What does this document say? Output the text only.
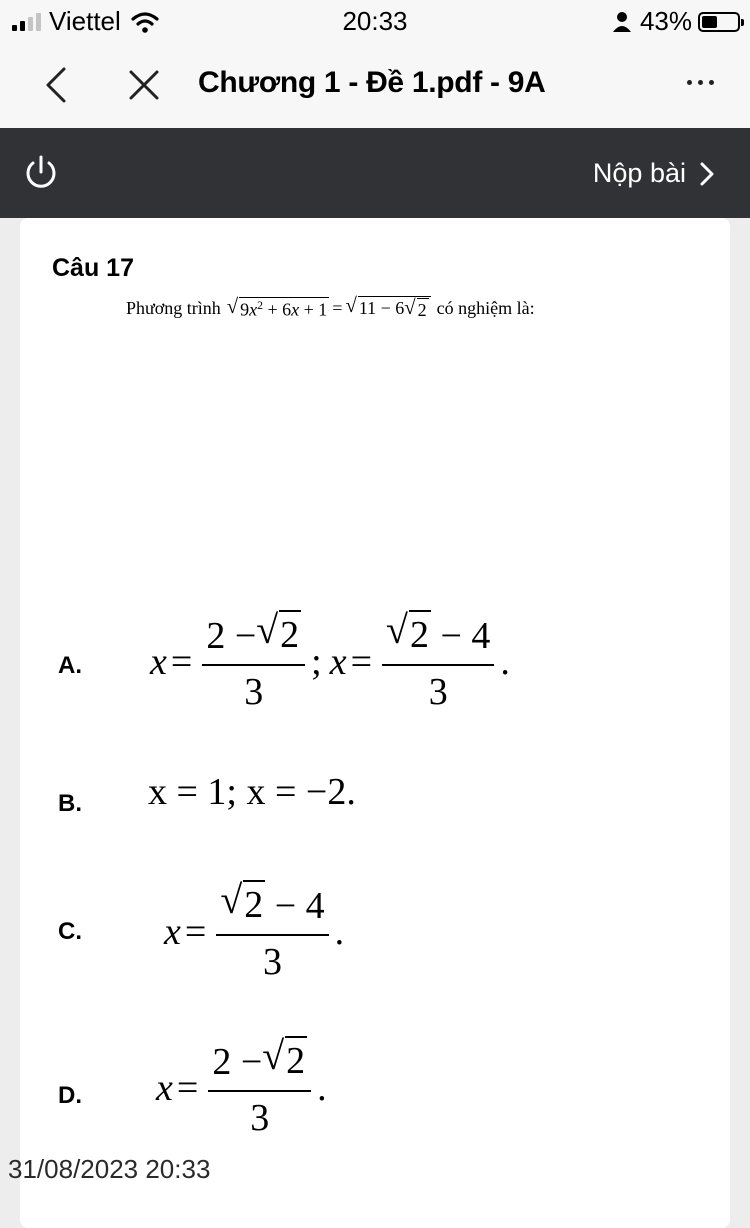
Viettel	20:33	43%
Chương 1 - Đề 1.pdf - 9A
Nộp bài
Câu 17
Phương trình √ $9x^2 + 6x + 1$ = √ 11 − 6 √ 2 có nghiệm là:
A. $x = \frac{2 - √ 2}{3}$ ; $x = \frac{√ 2 - 4}{3}$ .
B. x = 1; x = −2.
C. $x = \frac{√ 2 - 4}{3}$ .
D. $x = \frac{2 - √ 2}{3}$ .
31/08/2023 20:33
